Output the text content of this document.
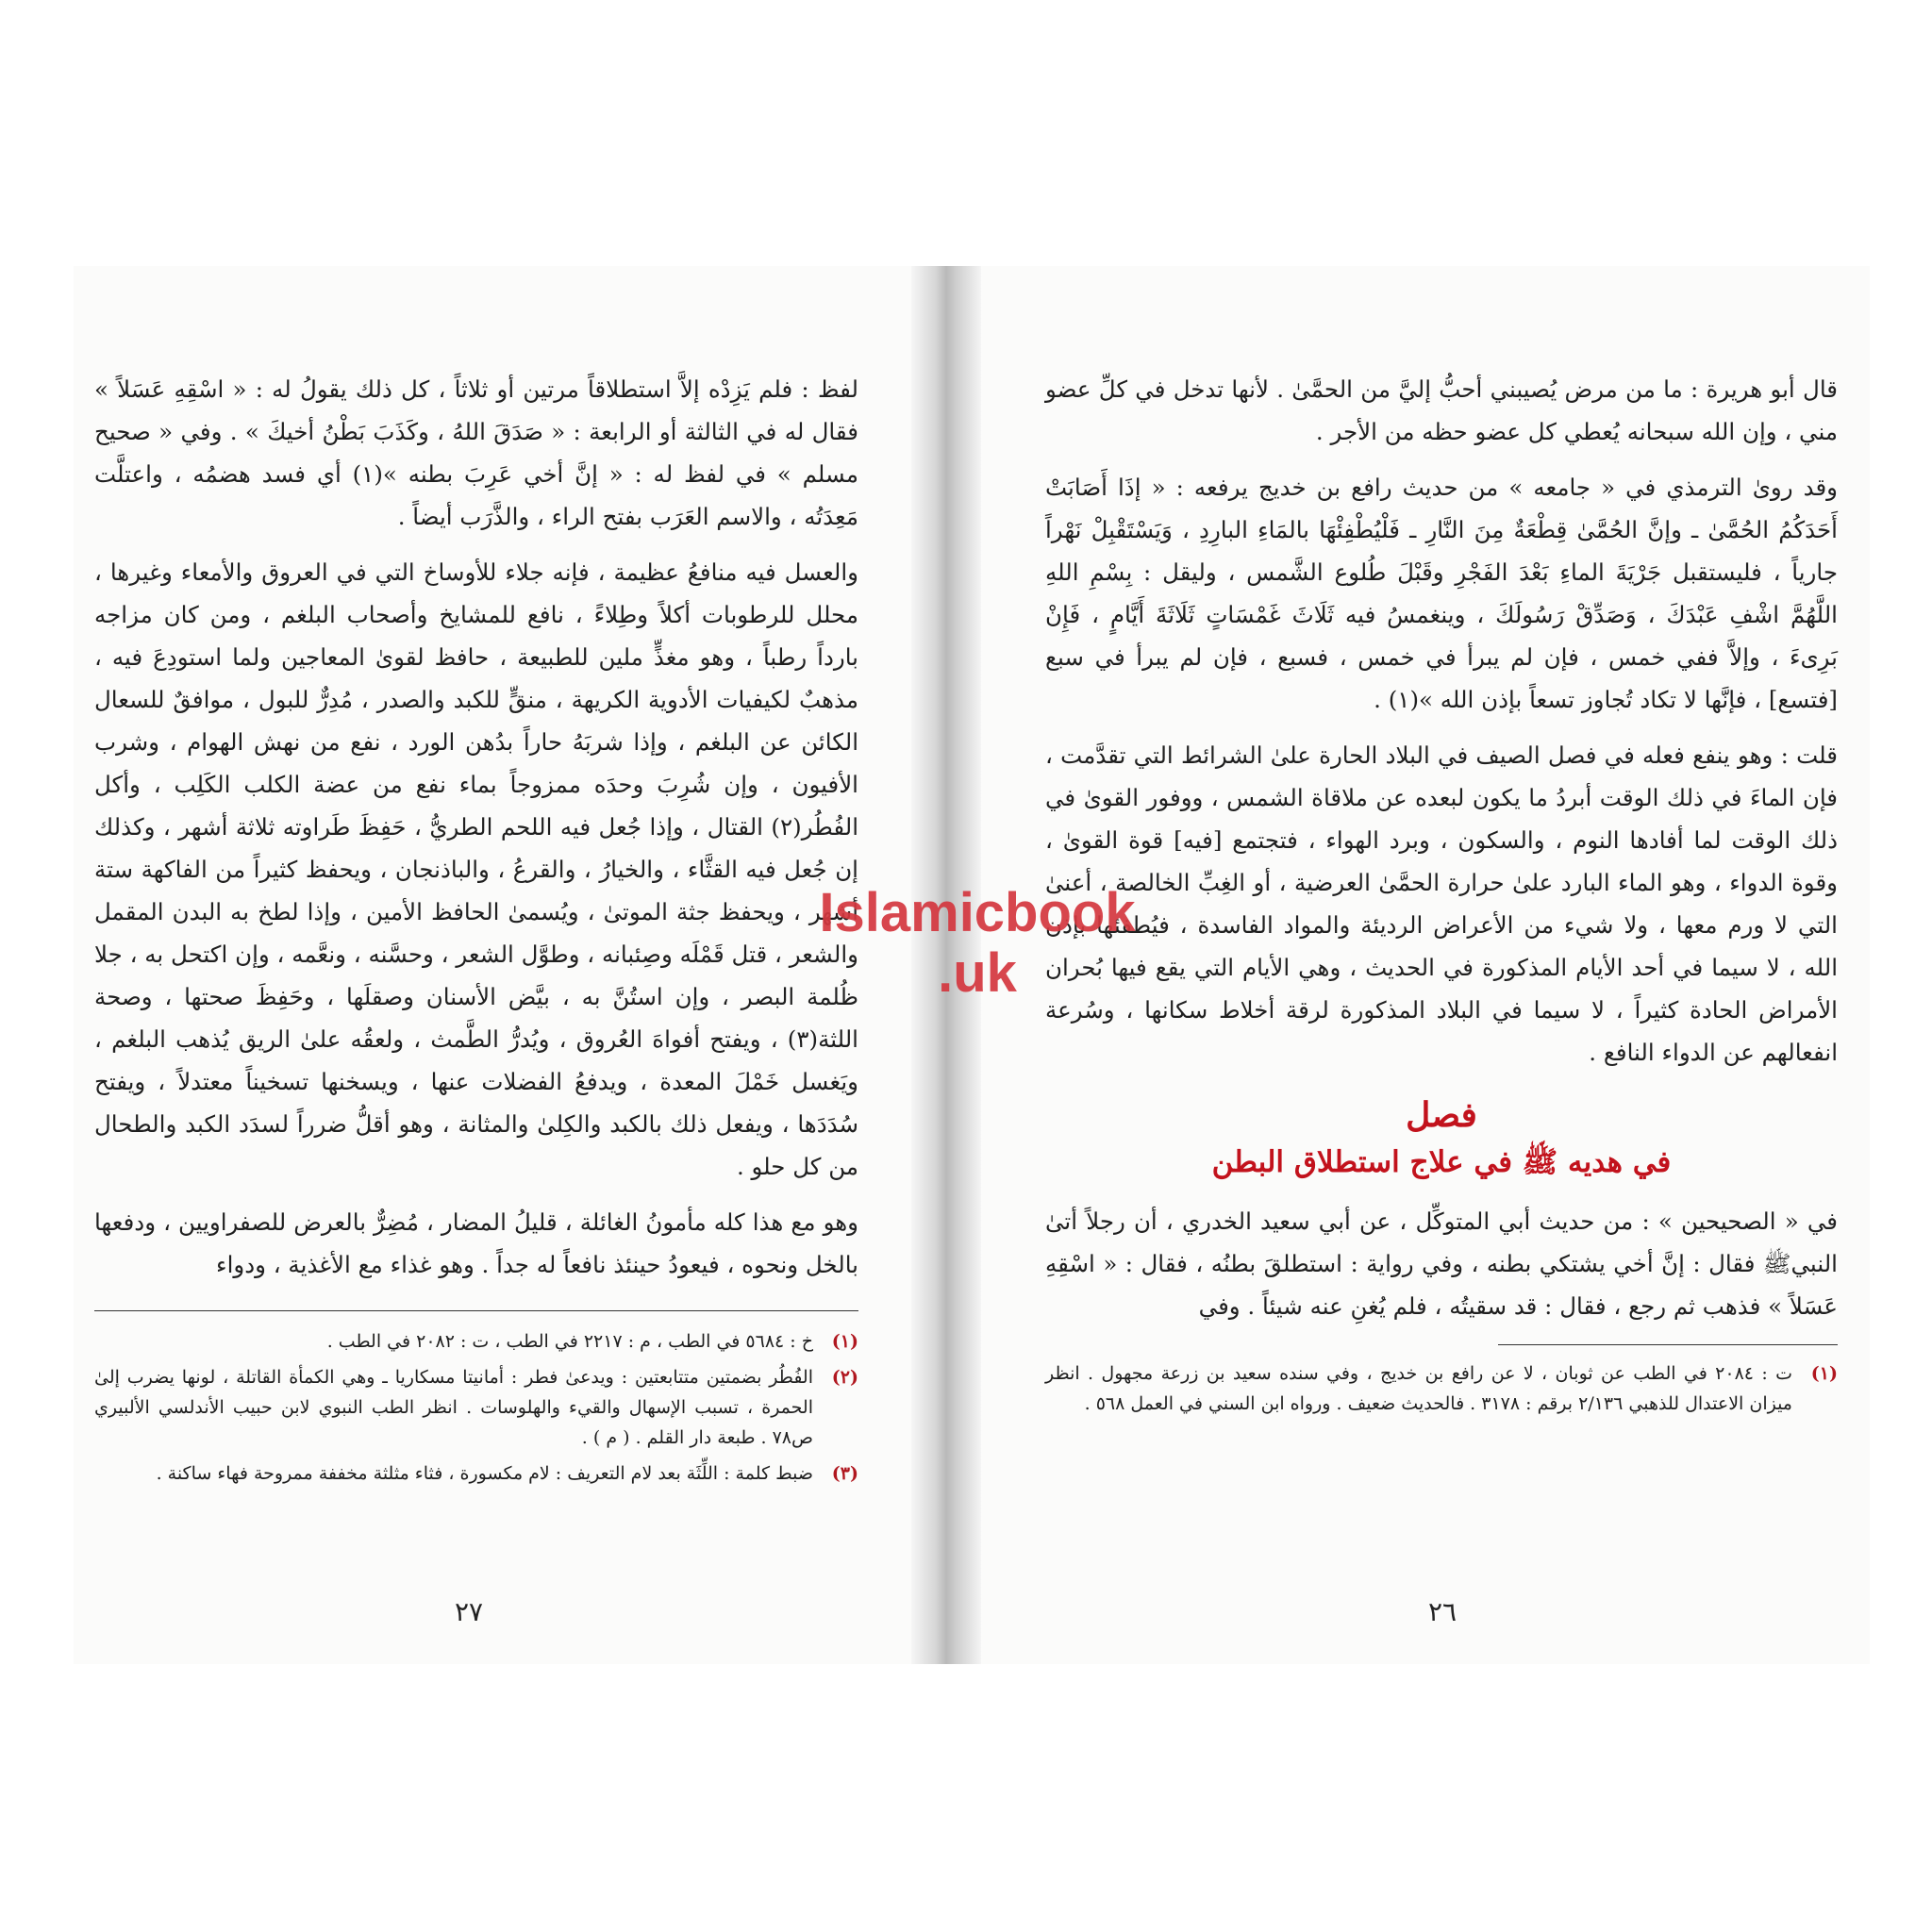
لفظ : فلم يَزِدْه إلاَّ استطلاقاً مرتين أو ثلاثاً ، كل ذلك يقولُ له : « اسْقِهِ عَسَلاً » فقال له في الثالثة أو الرابعة : « صَدَقَ اللهُ ، وكَذَبَ بَطْنُ أخيكَ » . وفي « صحيح مسلم » في لفظ له : « إنَّ أخي عَرِبَ بطنه »(١) أي فسد هضمُه ، واعتلَّت مَعِدَتُه ، والاسم العَرَب بفتح الراء ، والذَّرَب أيضاً .

والعسل فيه منافعُ عظيمة ، فإنه جلاء للأوساخ التي في العروق والأمعاء وغيرها ، محلل للرطوبات أكلاً وطِلاءً ، نافع للمشايخ وأصحاب البلغم ، ومن كان مزاجه بارداً رطباً ، وهو مغذٍّ ملين للطبيعة ، حافظ لقوىٰ المعاجين ولما استودِعَ فيه ، مذهبٌ لكيفيات الأدوية الكريهة ، منقٍّ للكبد والصدر ، مُدِرٌّ للبول ، موافقٌ للسعال الكائن عن البلغم ، وإذا شربَهُ حاراً بدُهن الورد ، نفع من نهش الهوام ، وشرب الأفيون ، وإن شُرِبَ وحدَه ممزوجاً بماء نفع من عضة الكلب الكَلِب ، وأكل الفُطُر(٢) القتال ، وإذا جُعل فيه اللحم الطريُّ ، حَفِظَ طَراوته ثلاثة أشهر ، وكذلك إن جُعل فيه القثَّاء ، والخيارُ ، والقرعُ ، والباذنجان ، ويحفظ كثيراً من الفاكهة ستة أشهر ، ويحفظ جثة الموتىٰ ، ويُسمىٰ الحافظ الأمين ، وإذا لطخ به البدن المقمل والشعر ، قتل قَمْلَه وصِئبانه ، وطوَّل الشعر ، وحسَّنه ، ونعَّمه ، وإن اكتحل به ، جلا ظُلمة البصر ، وإن استُنَّ به ، بيَّض الأسنان وصقلَها ، وحَفِظَ صحتها ، وصحة اللثة(٣) ، ويفتح أفواهَ العُروق ، ويُدرُّ الطَّمث ، ولعقُه علىٰ الريق يُذهب البلغم ، ويَغسل خَمْلَ المعدة ، ويدفعُ الفضلات عنها ، ويسخنها تسخيناً معتدلاً ، ويفتح سُدَدَها ، ويفعل ذلك بالكبد والكِلىٰ والمثانة ، وهو أقلُّ ضرراً لسدَد الكبد والطحال من كل حلو .

وهو مع هذا كله مأمونُ الغائلة ، قليلُ المضار ، مُضِرٌّ بالعرض للصفراويين ، ودفعها بالخل ونحوه ، فيعودُ حينئذ نافعاً له جداً . وهو غذاء مع الأغذية ، ودواء

(١)
خ : ٥٦٨٤ في الطب ، م : ٢٢١٧ في الطب ، ت : ٢٠٨٢ في الطب .
(٢)
الفُطُر بضمتين متتابعتين : ويدعىٰ فطر : أمانيتا مسكاريا ـ وهي الكمأة القاتلة ، لونها يضرب إلىٰ الحمرة ، تسبب الإسهال والقيء والهلوسات . انظر الطب النبوي لابن حبيب الأندلسي الألبيري ص٧٨ . طبعة دار القلم . ( م ) .
(٣)
ضبط كلمة : اللِّثَة بعد لام التعريف : لام مكسورة ، فثاء مثلثة مخففة ممروحة فهاء ساكنة .
٢٧

قال أبو هريرة : ما من مرض يُصيبني أحبُّ إليَّ من الحمَّىٰ . لأنها تدخل في كلِّ عضو مني ، وإن الله سبحانه يُعطي كل عضو حظه من الأجر .

وقد روىٰ الترمذي في « جامعه » من حديث رافع بن خديج يرفعه : « إذَا أَصَابَتْ أَحَدَكُمُ الحُمَّىٰ ـ وإنَّ الحُمَّىٰ قِطْعَةٌ مِنَ النَّارِ ـ فَلْيُطْفِئْهَا بالمَاءِ البارِدِ ، وَيَسْتَقْبِلْ نَهْراً جارياً ، فليستقبل جَرْيَةَ الماءِ بَعْدَ الفَجْرِ وقَبْلَ طُلوع الشَّمس ، وليقل : بِسْمِ اللهِ اللَّهُمَّ اشْفِ عَبْدَكَ ، وَصَدِّقْ رَسُولَكَ ، وينغمسُ فيه ثَلَاثَ غَمْسَاتٍ ثَلَاثَةَ أَيَّامٍ ، فَإِنْ بَرِىءَ ، وإلاَّ ففي خمس ، فإن لم يبرأ في خمس ، فسبع ، فإن لم يبرأ في سبع [فتسع] ، فإنَّها لا تكاد تُجاوز تسعاً بإذن الله »(١) .

قلت : وهو ينفع فعله في فصل الصيف في البلاد الحارة علىٰ الشرائط التي تقدَّمت ، فإن الماءَ في ذلك الوقت أبردُ ما يكون لبعده عن ملاقاة الشمس ، ووفور القوىٰ في ذلك الوقت لما أفادها النوم ، والسكون ، وبرد الهواء ، فتجتمع [فيه] قوة القوىٰ ، وقوة الدواء ، وهو الماء البارد علىٰ حرارة الحمَّىٰ العرضية ، أو الغِبِّ الخالصة ، أعنىٰ التي لا ورم معها ، ولا شيء من الأعراض الرديئة والمواد الفاسدة ، فيُطفئها بإذن الله ، لا سيما في أحد الأيام المذكورة في الحديث ، وهي الأيام التي يقع فيها بُحران الأمراض الحادة كثيراً ، لا سيما في البلاد المذكورة لرقة أخلاط سكانها ، وسُرعة انفعالهم عن الدواء النافع .

فصل

في هديه ﷺ في علاج استطلاق البطن

في « الصحيحين » : من حديث أبي المتوكِّل ، عن أبي سعيد الخدري ، أن رجلاً أتىٰ النبيﷺ فقال : إنَّ أخي يشتكي بطنه ، وفي رواية : استطلقَ بطنُه ، فقال : « اسْقِهِ عَسَلاً » فذهب ثم رجع ، فقال : قد سقيتُه ، فلم يُغنِ عنه شيئاً . وفي

(١)
ت : ٢٠٨٤ في الطب عن ثوبان ، لا عن رافع بن خديج ، وفي سنده سعيد بن زرعة مجهول . انظر ميزان الاعتدال للذهبي ٢/١٣٦ برقم : ٣١٧٨ . فالحديث ضعيف . ورواه ابن السني في العمل ٥٦٨ .
٢٦
Islamicbook
.uk
